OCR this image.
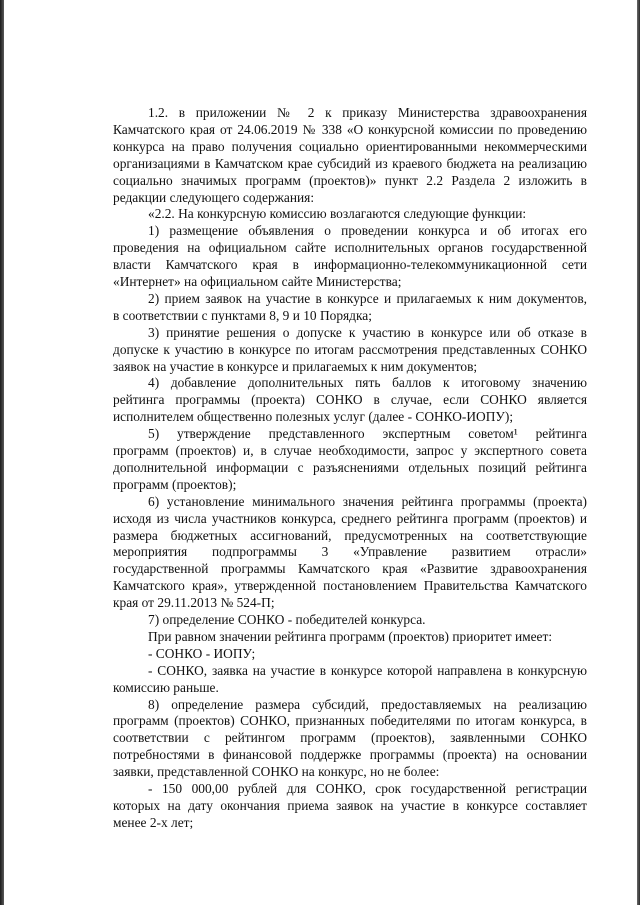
1.2. в приложении № 2 к приказу Министерства здравоохранения
Камчатского края от 24.06.2019 № 338 «О конкурсной комиссии по проведению
конкурса на право получения социально ориентированными некоммерческими
организациями в Камчатском крае субсидий из краевого бюджета на реализацию
социально значимых программ (проектов)» пункт 2.2 Раздела 2 изложить в
редакции следующего содержания:
«2.2. На конкурсную комиссию возлагаются следующие функции:
1) размещение объявления о проведении конкурса и об итогах его
проведения на официальном сайте исполнительных органов государственной
власти Камчатского края в информационно-телекоммуникационной сети
«Интернет» на официальном сайте Министерства;
2) прием заявок на участие в конкурсе и прилагаемых к ним документов,
в соответствии с пунктами 8, 9 и 10 Порядка;
3) принятие решения о допуске к участию в конкурсе или об отказе в
допуске к участию в конкурсе по итогам рассмотрения представленных СОНКО
заявок на участие в конкурсе и прилагаемых к ним документов;
4) добавление дополнительных пять баллов к итоговому значению
рейтинга программы (проекта) СОНКО в случае, если СОНКО является
исполнителем общественно полезных услуг (далее - СОНКО-ИОПУ);
5) утверждение представленного экспертным советом¹ рейтинга
программ (проектов) и, в случае необходимости, запрос у экспертного совета
дополнительной информации с разъяснениями отдельных позиций рейтинга
программ (проектов);
6) установление минимального значения рейтинга программы (проекта)
исходя из числа участников конкурса, среднего рейтинга программ (проектов) и
размера бюджетных ассигнований, предусмотренных на соответствующие
мероприятия подпрограммы 3 «Управление развитием отрасли»
государственной программы Камчатского края «Развитие здравоохранения
Камчатского края», утвержденной постановлением Правительства Камчатского
края от 29.11.2013 № 524-П;
7) определение СОНКО - победителей конкурса.
При равном значении рейтинга программ (проектов) приоритет имеет:
- СОНКО - ИОПУ;
- СОНКО, заявка на участие в конкурсе которой направлена в конкурсную
комиссию раньше.
8) определение размера субсидий, предоставляемых на реализацию
программ (проектов) СОНКО, признанных победителями по итогам конкурса, в
соответствии с рейтингом программ (проектов), заявленными СОНКО
потребностями в финансовой поддержке программы (проекта) на основании
заявки, представленной СОНКО на конкурс, но не более:
- 150 000,00 рублей для СОНКО, срок государственной регистрации
которых на дату окончания приема заявок на участие в конкурсе составляет
менее 2-х лет;
